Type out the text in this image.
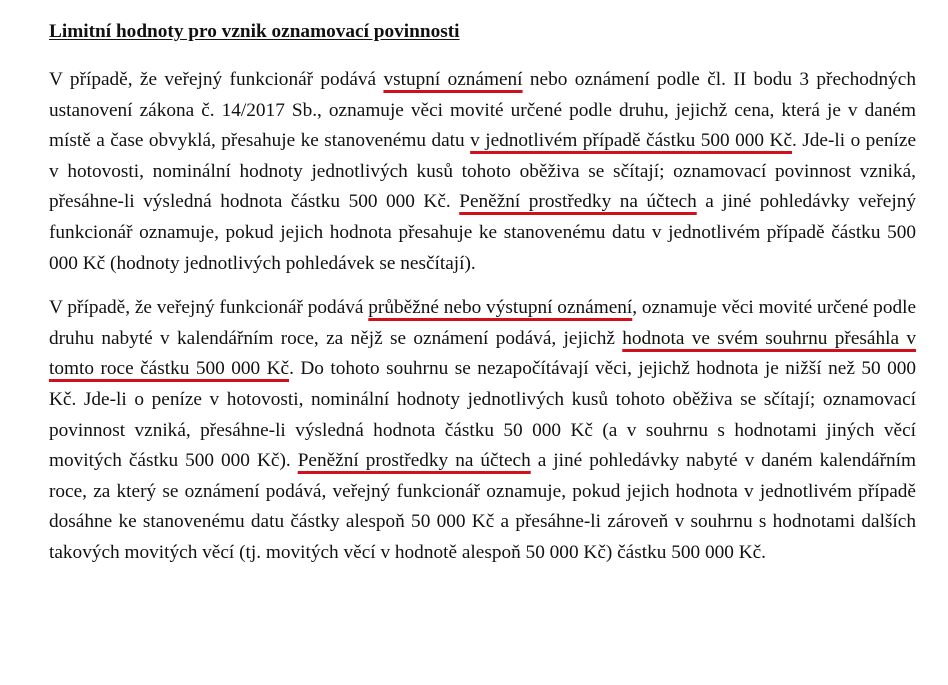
Limitní hodnoty pro vznik oznamovací povinnosti

V případě, že veřejný funkcionář podává vstupní oznámení nebo oznámení podle čl. II bodu 3 přechodných ustanovení zákona č. 14/2017 Sb., oznamuje věci movité určené podle druhu, jejichž cena, která je v daném místě a čase obvyklá, přesahuje ke stanovenému datu v jednotlivém případě částku 500 000 Kč. Jde-li o peníze v hotovosti, nominální hodnoty jednotlivých kusů tohoto oběživa se sčítají; oznamovací povinnost vzniká, přesáhne-li výsledná hodnota částku 500 000 Kč. Peněžní prostředky na účtech a jiné pohledávky veřejný funkcionář oznamuje, pokud jejich hodnota přesahuje ke stanovenému datu v jednotlivém případě částku 500 000 Kč (hodnoty jednotlivých pohledávek se nesčítají).

V případě, že veřejný funkcionář podává průběžné nebo výstupní oznámení, oznamuje věci movité určené podle druhu nabyté v kalendářním roce, za nějž se oznámení podává, jejichž hodnota ve svém souhrnu přesáhla v tomto roce částku 500 000 Kč. Do tohoto souhrnu se nezapočítávají věci, jejichž hodnota je nižší než 50 000 Kč. Jde-li o peníze v hotovosti, nominální hodnoty jednotlivých kusů tohoto oběživa se sčítají; oznamovací povinnost vzniká, přesáhne-li výsledná hodnota částku 50 000 Kč (a v souhrnu s hodnotami jiných věcí movitých částku 500 000 Kč). Peněžní prostředky na účtech a jiné pohledávky nabyté v daném kalendářním roce, za který se oznámení podává, veřejný funkcionář oznamuje, pokud jejich hodnota v jednotlivém případě dosáhne ke stanovenému datu částky alespoň 50 000 Kč a přesáhne-li zároveň v souhrnu s hodnotami dalších takových movitých věcí (tj. movitých věcí v hodnotě alespoň 50 000 Kč) částku 500 000 Kč.
